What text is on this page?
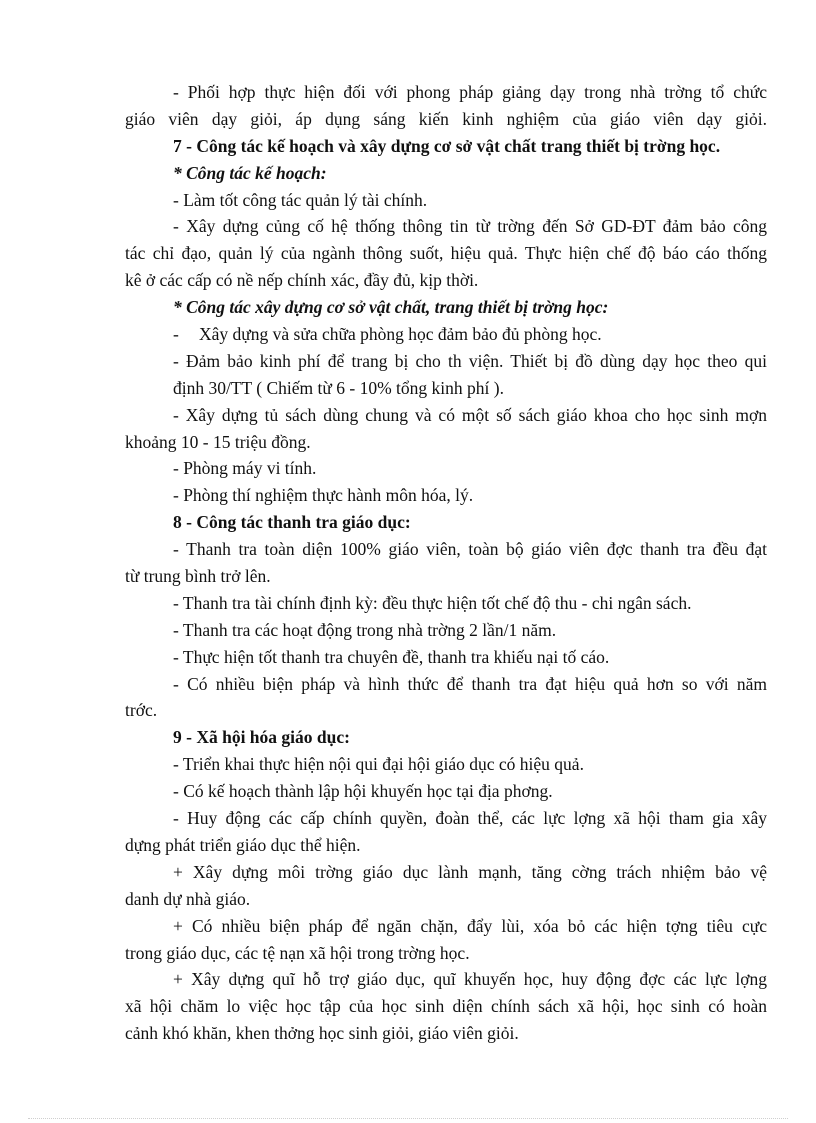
- Phối hợp thực hiện đối với phong pháp giảng dạy trong nhà trờng tổ chức
giáo viên dạy giỏi, áp dụng sáng kiến kinh nghiệm của giáo viên dạy giỏi.
7 - Công tác kế hoạch và xây dựng cơ sở vật chất trang thiết bị trờng học.
* Công tác kế hoạch:
- Làm tốt công tác quản lý tài chính.
- Xây dựng củng cố hệ thống thông tin từ trờng đến Sở GD-ĐT đảm bảo công
tác chỉ đạo, quản lý của ngành thông suốt, hiệu quả. Thực hiện chế độ báo cáo thống
kê ở các cấp có nề nếp chính xác, đầy đủ, kịp thời.
* Công tác xây dựng cơ sở vật chất, trang thiết bị trờng học:
- Xây dựng và sửa chữa phòng học đảm bảo đủ phòng học.
- Đảm bảo kinh phí để trang bị cho th viện. Thiết bị đồ dùng dạy học theo qui
định 30/TT ( Chiếm từ 6 - 10% tổng kinh phí ).
- Xây dựng tủ sách dùng chung và có một số sách giáo khoa cho học sinh mợn
khoảng 10 - 15 triệu đồng.
- Phòng máy vi tính.
- Phòng thí nghiệm thực hành môn hóa, lý.
8 - Công tác thanh tra giáo dục:
- Thanh tra toàn diện 100% giáo viên, toàn bộ giáo viên đợc thanh tra đều đạt
từ trung bình trở lên.
- Thanh tra tài chính định kỳ: đều thực hiện tốt chế độ thu - chi ngân sách.
- Thanh tra các hoạt động trong nhà trờng 2 lần/1 năm.
- Thực hiện tốt thanh tra chuyên đề, thanh tra khiếu nại tố cáo.
- Có nhiều biện pháp và hình thức để thanh tra đạt hiệu quả hơn so với năm
trớc.
9 - Xã hội hóa giáo dục:
- Triển khai thực hiện nội qui đại hội giáo dục có hiệu quả.
- Có kế hoạch thành lập hội khuyến học tại địa phơng.
- Huy động các cấp chính quyền, đoàn thể, các lực lợng xã hội tham gia xây
dựng phát triển giáo dục thể hiện.
+ Xây dựng môi trờng giáo dục lành mạnh, tăng cờng trách nhiệm bảo vệ
danh dự nhà giáo.
+ Có nhiều biện pháp để ngăn chặn, đẩy lùi, xóa bỏ các hiện tợng tiêu cực
trong giáo dục, các tệ nạn xã hội trong trờng học.
+ Xây dựng quĩ hỗ trợ giáo dục, quĩ khuyến học, huy động đợc các lực lợng
xã hội chăm lo việc học tập của học sinh diện chính sách xã hội, học sinh có hoàn
cảnh khó khăn, khen thởng học sinh giỏi, giáo viên giỏi.
